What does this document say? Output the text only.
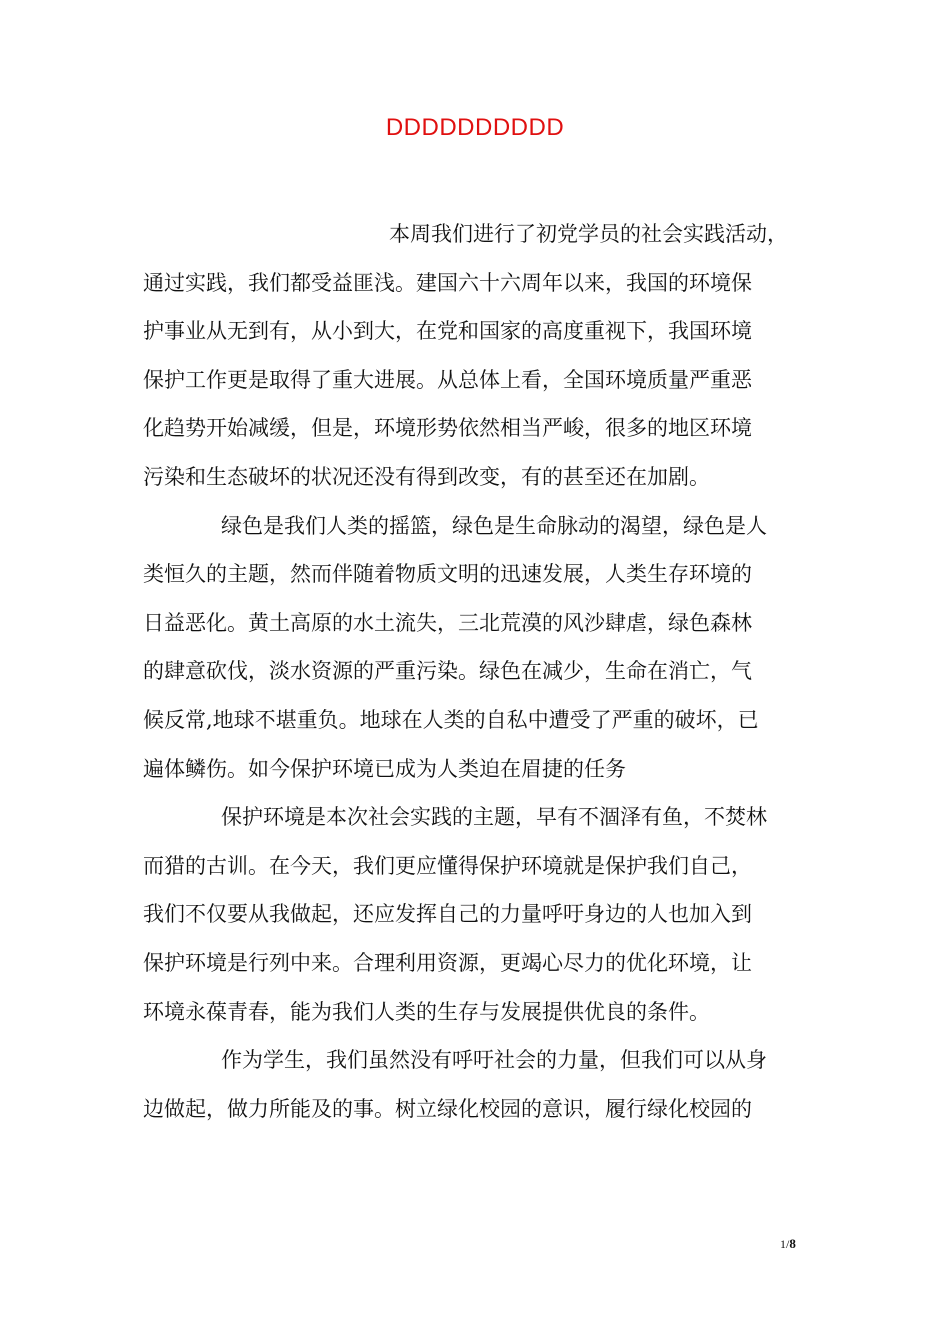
DDDDDDDDDD
本周我们进行了初党学员的社会实践活动，
通过实践，我们都受益匪浅。建国六十六周年以来，我国的环境保
护事业从无到有，从小到大，在党和国家的高度重视下，我国环境
保护工作更是取得了重大进展。从总体上看，全国环境质量严重恶
化趋势开始减缓，但是，环境形势依然相当严峻，很多的地区环境
污染和生态破坏的状况还没有得到改变，有的甚至还在加剧。
绿色是我们人类的摇篮，绿色是生命脉动的渴望，绿色是人
类恒久的主题，然而伴随着物质文明的迅速发展，人类生存环境的
日益恶化。黄土高原的水土流失，三北荒漠的风沙肆虐，绿色森林
的肆意砍伐，淡水资源的严重污染。绿色在减少，生命在消亡，气
候反常,地球不堪重负。地球在人类的自私中遭受了严重的破坏，已
遍体鳞伤。如今保护环境已成为人类迫在眉捷的任务
保护环境是本次社会实践的主题，早有不涸泽有鱼，不焚林
而猎的古训。在今天，我们更应懂得保护环境就是保护我们自己，
我们不仅要从我做起，还应发挥自己的力量呼吁身边的人也加入到
保护环境是行列中来。合理利用资源，更竭心尽力的优化环境，让
环境永葆青春，能为我们人类的生存与发展提供优良的条件。
作为学生，我们虽然没有呼吁社会的力量，但我们可以从身
边做起，做力所能及的事。树立绿化校园的意识，履行绿化校园的
1/8
